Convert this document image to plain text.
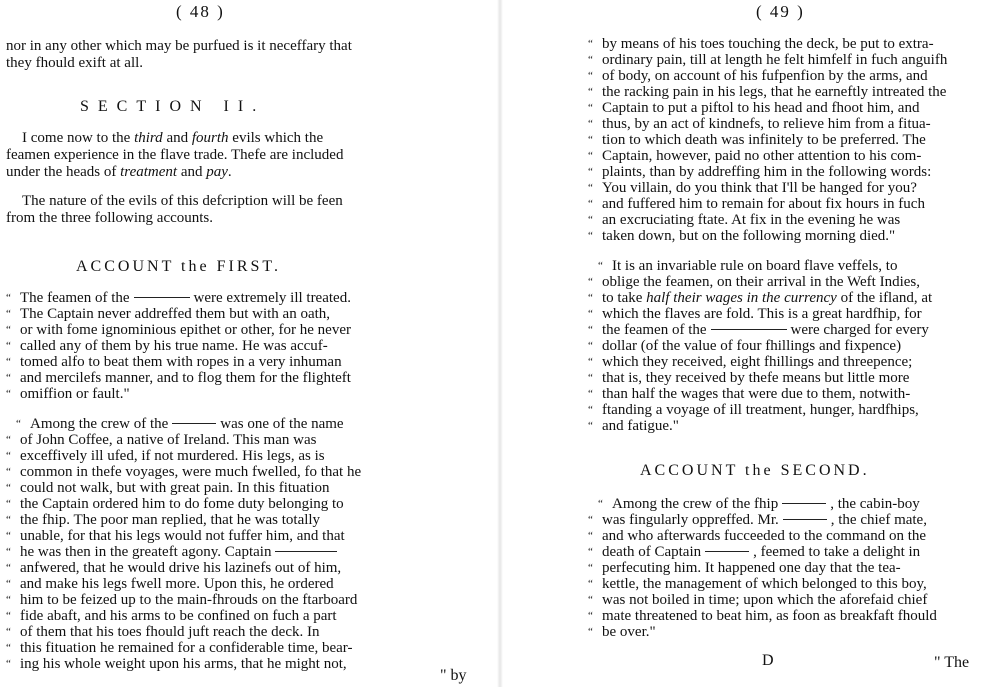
( 48 )
nor in any other which may be purfued is it neceffary that
they fhould exift at all.
SECTION II.
I come now to the third and fourth evils which the
feamen experience in the flave trade. Thefe are included
under the heads of treatment and pay.
The nature of the evils of this defcription will be feen
from the three following accounts.
ACCOUNT the FIRST.
“ The feamen of the	were extremely ill treated.
“ The Captain never addreffed them but with an oath,
“ or with fome ignominious epithet or other, for he never
“ called any of them by his true name. He was accuf-
“ tomed alfo to beat them with ropes in a very inhuman
“ and mercilefs manner, and to flog them for the flighteft
“ omiffion or fault."
“ Among the crew of the	was one of the name
“ of John Coffee, a native of Ireland. This man was
“ exceffively ill ufed, if not murdered. His legs, as is
“ common in thefe voyages, were much fwelled, fo that he
“ could not walk, but with great pain. In this fituation
“ the Captain ordered him to do fome duty belonging to
“ the fhip. The poor man replied, that he was totally
“ unable, for that his legs would not fuffer him, and that
“ he was then in the greateft agony. Captain
“ anfwered, that he would drive his lazinefs out of him,
“ and make his legs fwell more. Upon this, he ordered
“ him to be feized up to the main-fhrouds on the ftarboard
“ fide abaft, and his arms to be confined on fuch a part
“ of them that his toes fhould juft reach the deck. In
“ this fituation he remained for a confiderable time, bear-
“ ing his whole weight upon his arms, that he might not,
" by
( 49 )
“ by means of his toes touching the deck, be put to extra-
“ ordinary pain, till at length he felt himfelf in fuch anguifh
“ of body, on account of his fufpenfion by the arms, and
“ the racking pain in his legs, that he earneftly intreated the
“ Captain to put a piftol to his head and fhoot him, and
“ thus, by an act of kindnefs, to relieve him from a fitua-
“ tion to which death was infinitely to be preferred. The
“ Captain, however, paid no other attention to his com-
“ plaints, than by addreffing him in the following words:
“ You villain, do you think that I'll be hanged for you?
“ and fuffered him to remain for about fix hours in fuch
“ an excruciating ftate. At fix in the evening he was
“ taken down, but on the following morning died."
“ It is an invariable rule on board flave veffels, to
“ oblige the feamen, on their arrival in the Weft Indies,
“ to take half their wages in the currency of the ifland, at
“ which the flaves are fold. This is a great hardfhip, for
“ the feamen of the	were charged for every
“ dollar (of the value of four fhillings and fixpence)
“ which they received, eight fhillings and threepence;
“ that is, they received by thefe means but little more
“ than half the wages that were due to them, notwith-
“ ftanding a voyage of ill treatment, hunger, hardfhips,
“ and fatigue."
ACCOUNT the SECOND.
“ Among the crew of the fhip	, the cabin-boy
“ was fingularly oppreffed. Mr.	, the chief mate,
“ and who afterwards fucceeded to the command on the
“ death of Captain	, feemed to take a delight in
“ perfecuting him. It happened one day that the tea-
“ kettle, the management of which belonged to this boy,
“ was not boiled in time; upon which the aforefaid chief
“ mate threatened to beat him, as foon as breakfaft fhould
“ be over."
D	" The
